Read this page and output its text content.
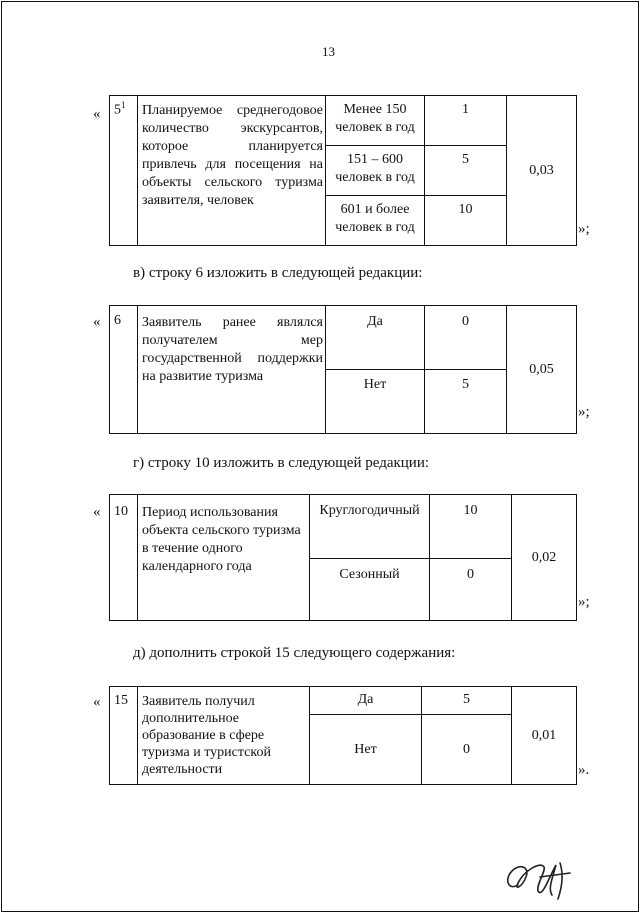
13
« $5^1$	Планируемое среднегодовое количество экскурсантов, которое планируется привлечь для посещения на объекты сельского туризма заявителя, человек	Менее 150 человек в год	1	0,03
		151 – 600 человек в год	5	
		601 и более человек в год	10	
»;
в) строку 6 изложить в следующей редакции:
« 6	Заявитель ранее являлся получателем мер государственной поддержки на развитие туризма	Да	0	0,05
		Нет	5	
»;
г) строку 10 изложить в следующей редакции:
« 10	Период использования объекта сельского туризма в течение одного календарного года	Круглогодичный	10	0,02
		Сезонный	0	
»;
д) дополнить строкой 15 следующего содержания:
« 15	Заявитель получил дополнительное образование в сфере туризма и туристской деятельности	Да	5	0,01
		Нет	0	
».
